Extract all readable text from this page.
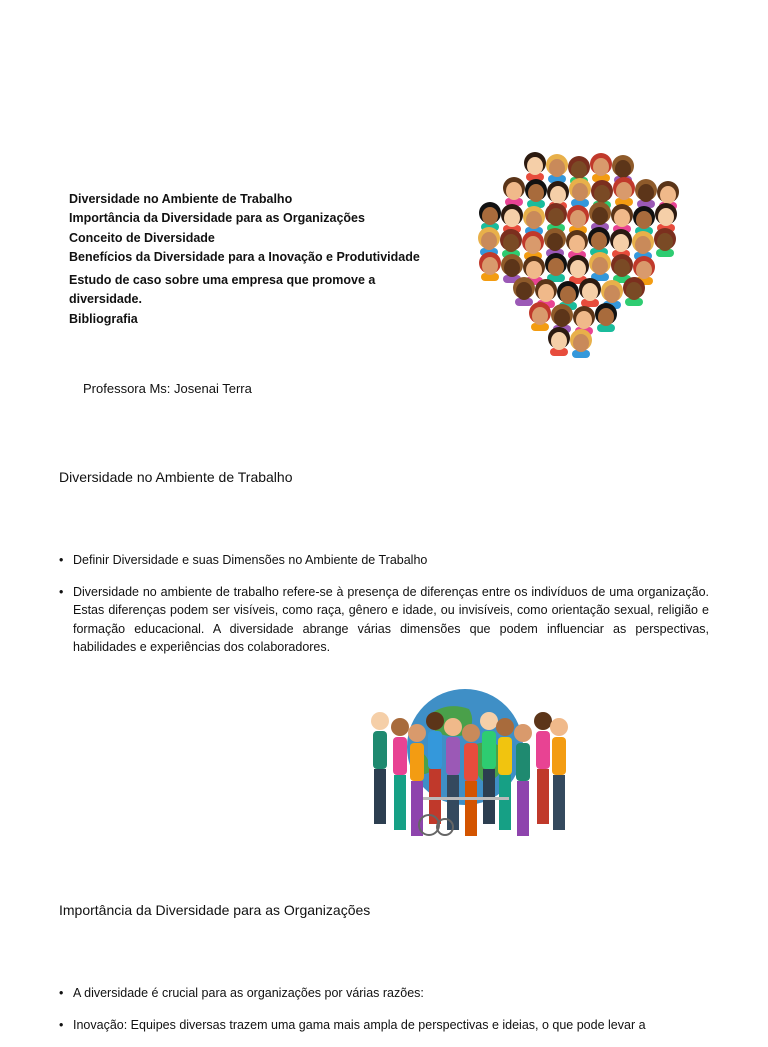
Diversidade no Ambiente de Trabalho
Importância da Diversidade para as Organizações
Conceito de Diversidade
Benefícios da Diversidade para a Inovação e Produtividade
Estudo de caso sobre uma empresa que promove a diversidade.
Bibliografia
Professora Ms: Josenai Terra
Diversidade no Ambiente de Trabalho
• Definir Diversidade e suas Dimensões no Ambiente de Trabalho
• Diversidade no ambiente de trabalho refere-se à presença de diferenças entre os indivíduos de uma organização. Estas diferenças podem ser visíveis, como raça, gênero e idade, ou invisíveis, como orientação sexual, religião e formação educacional. A diversidade abrange várias dimensões que podem influenciar as perspectivas, habilidades e experiências dos colaboradores.
Importância da Diversidade para as Organizações
• A diversidade é crucial para as organizações por várias razões:
• Inovação: Equipes diversas trazem uma gama mais ampla de perspectivas e ideias, o que pode levar a
